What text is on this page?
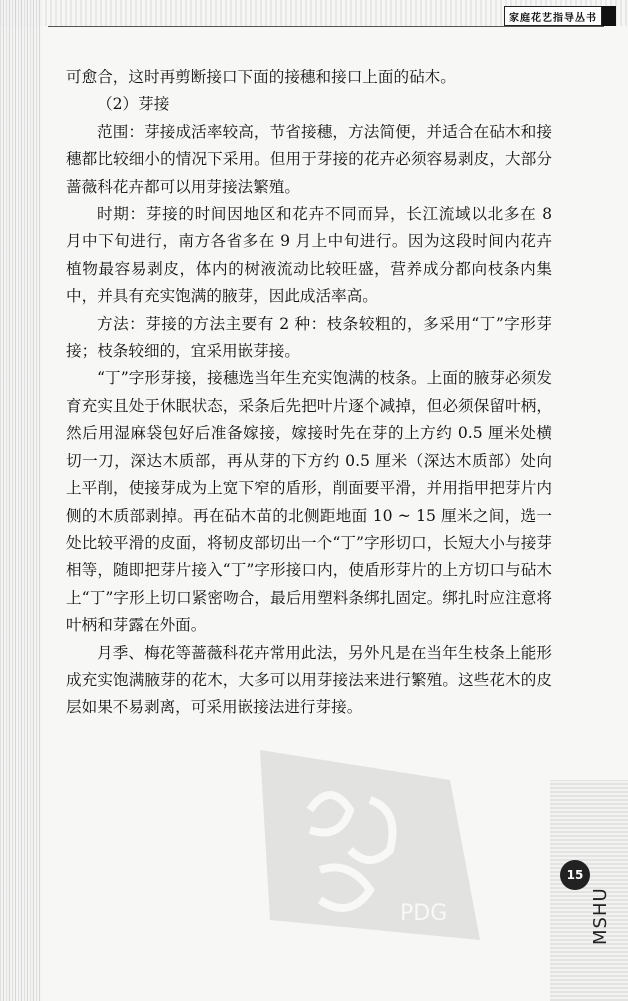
家庭花艺指导丛书

可愈合，这时再剪断接口下面的接穗和接口上面的砧木。

（2）芽接

范围：芽接成活率较高，节省接穗，方法简便，并适合在砧木和接穗都比较细小的情况下采用。但用于芽接的花卉必须容易剥皮，大部分蔷薇科花卉都可以用芽接法繁殖。

时期：芽接的时间因地区和花卉不同而异，长江流域以北多在 8 月中下旬进行，南方各省多在 9 月上中旬进行。因为这段时间内花卉植物最容易剥皮，体内的树液流动比较旺盛，营养成分都向枝条内集中，并具有充实饱满的腋芽，因此成活率高。

方法：芽接的方法主要有 2 种：枝条较粗的，多采用“丁”字形芽接；枝条较细的，宜采用嵌芽接。

“丁”字形芽接，接穗选当年生充实饱满的枝条。上面的腋芽必须发育充实且处于休眠状态，采条后先把叶片逐个减掉，但必须保留叶柄，然后用湿麻袋包好后准备嫁接，嫁接时先在芽的上方约 0.5 厘米处横切一刀，深达木质部，再从芽的下方约 0.5 厘米（深达木质部）处向上平削，使接芽成为上宽下窄的盾形，削面要平滑，并用指甲把芽片内侧的木质部剥掉。再在砧木苗的北侧距地面 10 ~ 15 厘米之间，选一处比较平滑的皮面，将韧皮部切出一个“丁”字形切口，长短大小与接芽相等，随即把芽片接入“丁”字形接口内，使盾形芽片的上方切口与砧木上“丁”字形上切口紧密吻合，最后用塑料条绑扎固定。绑扎时应注意将叶柄和芽露在外面。

月季、梅花等蔷薇科花卉常用此法，另外凡是在当年生枝条上能形成充实饱满腋芽的花木，大多可以用芽接法来进行繁殖。这些花木的皮层如果不易剥离，可采用嵌接法进行芽接。

PDG
15
MSHU
